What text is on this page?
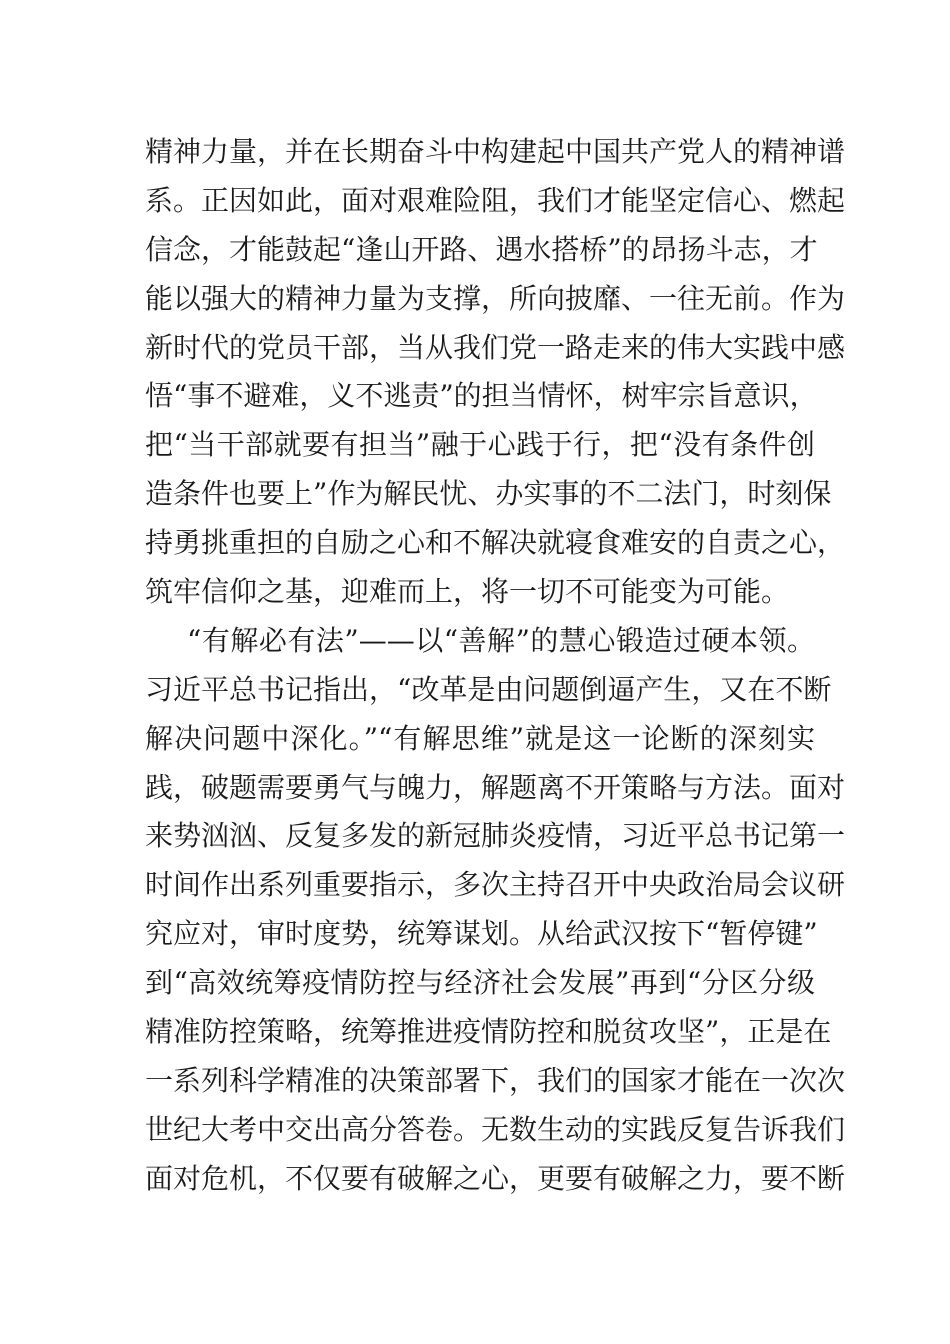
精神力量，并在长期奋斗中构建起中国共产党人的精神谱
系。正因如此，面对艰难险阻，我们才能坚定信心、燃起
信念，才能鼓起“逢山开路、遇水搭桥”的昂扬斗志，才
能以强大的精神力量为支撑，所向披靡、一往无前。作为
新时代的党员干部，当从我们党一路走来的伟大实践中感
悟“事不避难，义不逃责”的担当情怀，树牢宗旨意识，
把“当干部就要有担当”融于心践于行，把“没有条件创
造条件也要上”作为解民忧、办实事的不二法门，时刻保
持勇挑重担的自励之心和不解决就寝食难安的自责之心，
筑牢信仰之基，迎难而上，将一切不可能变为可能。
“有解必有法”——以“善解”的慧心锻造过硬本领。
习近平总书记指出，“改革是由问题倒逼产生，又在不断
解决问题中深化。”“有解思维”就是这一论断的深刻实
践，破题需要勇气与魄力，解题离不开策略与方法。面对
来势汹汹、反复多发的新冠肺炎疫情，习近平总书记第一
时间作出系列重要指示，多次主持召开中央政治局会议研
究应对，审时度势，统筹谋划。从给武汉按下“暂停键”
到“高效统筹疫情防控与经济社会发展”再到“分区分级
精准防控策略，统筹推进疫情防控和脱贫攻坚”，正是在
一系列科学精准的决策部署下，我们的国家才能在一次次
世纪大考中交出高分答卷。无数生动的实践反复告诉我们
面对危机，不仅要有破解之心，更要有破解之力，要不断
